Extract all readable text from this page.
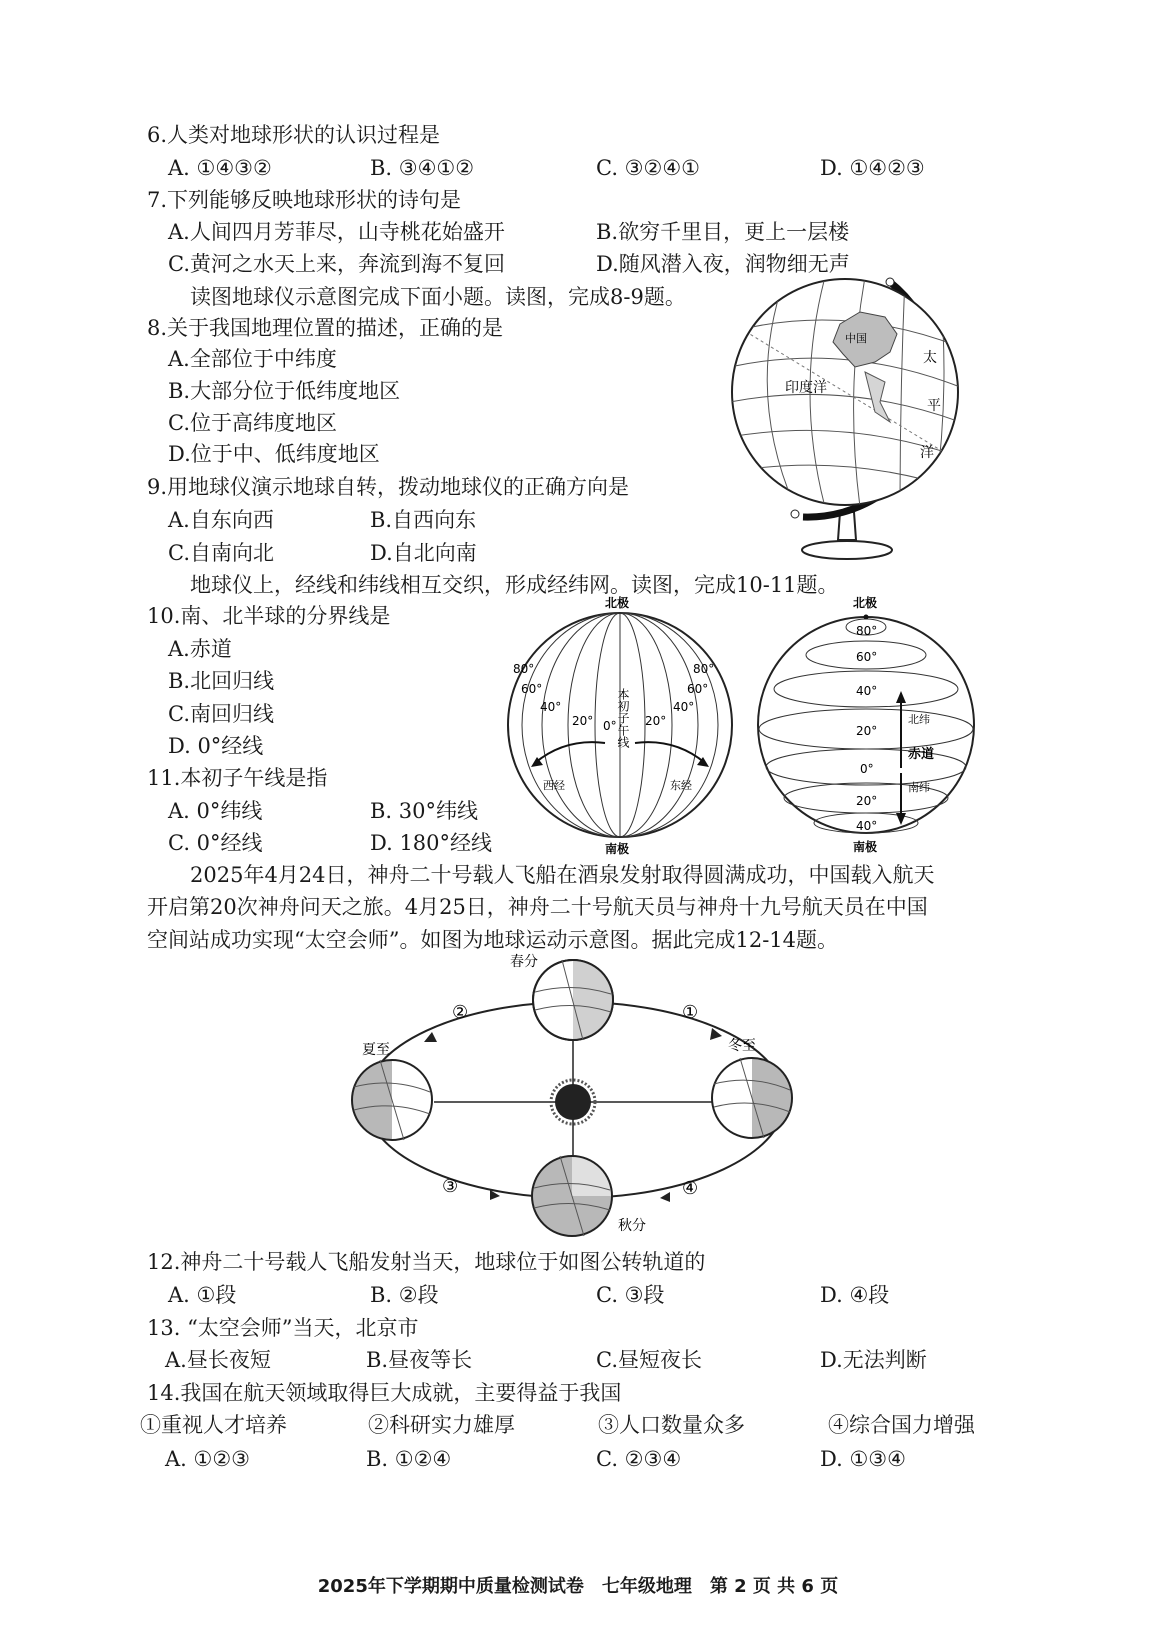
6.人类对地球形状的认识过程是
A. ①④③②	B. ③④①②	C. ③②④①	D. ①④②③
7.下列能够反映地球形状的诗句是
A.人间四月芳菲尽，山寺桃花始盛开	B.欲穷千里目，更上一层楼
C.黄河之水天上来，奔流到海不复回	D.随风潜入夜，润物细无声
读图地球仪示意图完成下面小题。读图，完成8-9题。
8.关于我国地理位置的描述，正确的是
A.全部位于中纬度
B.大部分位于低纬度地区
C.位于高纬度地区
D.位于中、低纬度地区
9.用地球仪演示地球自转，拨动地球仪的正确方向是
A.自东向西	B.自西向东
C.自南向北	D.自北向南
中国
印度洋
太
平
洋
地球仪上，经线和纬线相互交织，形成经纬网。读图，完成10-11题。
10.南、北半球的分界线是
A.赤道
B.北回归线
C.南回归线
D. 0°经线
11.本初子午线是指
A. 0°纬线	B. 30°纬线
C. 0°经线	D. 180°经线
北极
南极
80°
60°
40°
20° 0° 20°
40°
60°
80°
西经	东经
本初子午线
北极
南极
80°
60°
40°
20°
0°
20°
40°
北纬
赤道
南纬
2025年4月24日，神舟二十号载人飞船在酒泉发射取得圆满成功，中国载入航天
开启第20次神舟问天之旅。4月25日，神舟二十号航天员与神舟十九号航天员在中国
空间站成功实现“太空会师”。如图为地球运动示意图。据此完成12-14题。
春分
夏至	冬至
秋分
②	①
③	④
12.神舟二十号载人飞船发射当天，地球位于如图公转轨道的
A. ①段	B. ②段	C. ③段	D. ④段
13. “太空会师”当天，北京市
A.昼长夜短	B.昼夜等长	C.昼短夜长	D.无法判断
14.我国在航天领域取得巨大成就，主要得益于我国
①重视人才培养	②科研实力雄厚	③人口数量众多	④综合国力增强
A. ①②③	B. ①②④	C. ②③④	D. ①③④
2025年下学期期中质量检测试卷　七年级地理　第 2 页 共 6 页
